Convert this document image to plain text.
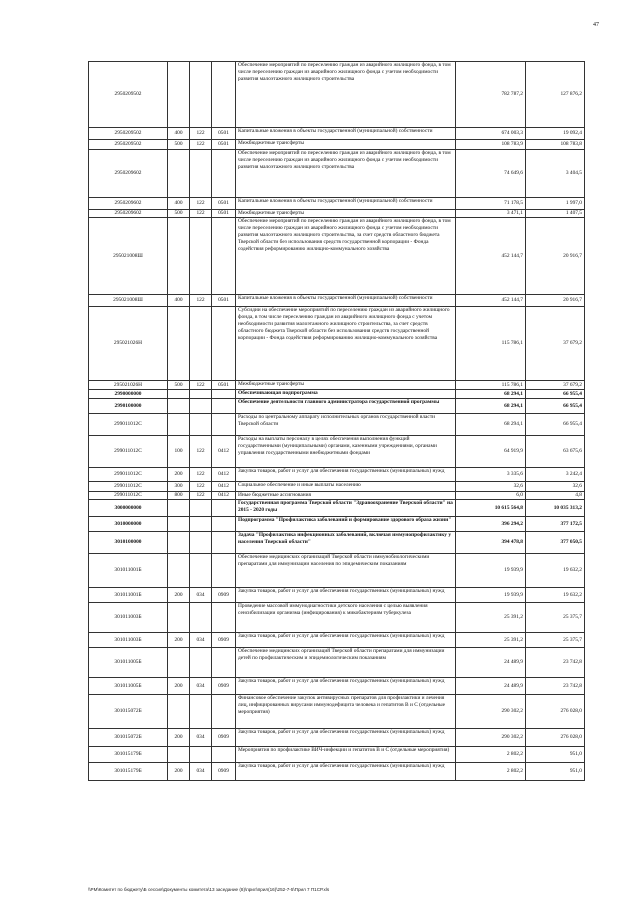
47
2950209502				Обеспечение мероприятий по переселению граждан из аварийного жилищного фонда, в том числе переселению граждан из аварийного жилищного фонда с учетом необходимости развития малоэтажного жилищного строительства	782 787,2	127 876,2
2950209502	400	122	0501	Капитальные вложения в объекты государственной (муниципальной) собственности	674 003,3	19 092,4
2950209502	500	122	0501	Межбюджетные трансферты	108 783,9	108 783,8
2950209602				Обеспечение мероприятий по переселению граждан из аварийного жилищного фонда, в том числе переселению граждан из аварийного жилищного фонда с учетом необходимости развития малоэтажного жилищного строительства	74 649,6	3 404,5
2950209602	400	122	0501	Капитальные вложения в объекты государственной (муниципальной) собственности	71 178,5	1 997,0
2950209602	500	122	0501	Межбюджетные трансферты	3 471,1	1 407,5
295021008Ш				Обеспечение мероприятий по переселению граждан из аварийного жилищного фонда, в том числе переселению граждан из аварийного жилищного фонда с учетом необходимости развития малоэтажного жилищного строительства, за счет средств областного бюджета Тверской области без использования средств государственной корпорации - Фонда содействия реформированию жилищно-коммунального хозяйства	452 144,7	20 916,7
295021008Ш	400	122	0501	Капитальные вложения в объекты государственной (муниципальной) собственности	452 144,7	20 916,7
295021026Н				Субсидии на обеспечение мероприятий по переселению граждан из аварийного жилищного фонда, в том числе переселению граждан из аварийного жилищного фонда с учетом необходимости развития малоэтажного жилищного строительства, за счет средств областного бюджета Тверской области без использования средств государственной корпорации - Фонда содействия реформированию жилищно-коммунального хозяйства	115 786,1	37 679,2
295021026Н	500	122	0501	Межбюджетные трансферты	115 786,1	37 679,2
2990000000				Обеспечивающая подпрограмма	68 294,1	66 955,4
2990100000				Обеспечение деятельности главного администратора государственной программы	68 294,1	66 955,4
299011012С				Расходы по центральному аппарату исполнительных органов государственной власти Тверской области	68 294,1	66 955,4
299011012С	100	122	0412	Расходы на выплаты персоналу в целях обеспечения выполнения функций государственными (муниципальными) органами, казенными учреждениями, органами управления государственными внебюджетными фондами	64 919,9	63 675,6
299011012С	200	122	0412	Закупка товаров, работ и услуг для обеспечения государственных (муниципальных) нужд	3 335,6	3 242,4
299011012С	300	122	0412	Социальное обеспечение и иные выплаты населению	32,6	32,6
299011012С	800	122	0412	Иные бюджетные ассигнования	6,0	4,8
3000000000				Государственная программа Тверской области "Здравоохранение Тверской области" на 2015 - 2020 годы	10 615 564,8	10 035 313,2
3010000000				Подпрограмма "Профилактика заболеваний и формирование здорового образа жизни"	396 294,2	377 172,5
3010100000				Задача "Профилактика инфекционных заболеваний, включая иммунопрофилактику у населения Тверской области"	394 478,8	377 050,5
301011001Б				Обеспечение медицинских организаций Тверской области иммунобиологическими препаратами для иммунизации населения по эпидемическим показаниям	19 939,9	19 632,2
301011001Б	200	034	0909	Закупка товаров, работ и услуг для обеспечения государственных (муниципальных) нужд	19 939,9	19 632,2
301011003Б				Проведение массовой иммунодиагностики детского населения с целью выявления сенсибилизации организма (инфицирования) к микобактериям туберкулеза	25 391,2	25 375,7
301011003Б	200	034	0909	Закупка товаров, работ и услуг для обеспечения государственных (муниципальных) нужд	25 391,2	25 375,7
301011005Б				Обеспечение медицинских организаций Тверской области препаратами для иммунизации детей по профилактическим и эпидемиологическим показаниям	24 489,9	23 742,8
301011005Б	200	034	0909	Закупка товаров, работ и услуг для обеспечения государственных (муниципальных) нужд	24 489,9	23 742,8
301015072Б				Финансовое обеспечение закупок антивирусных препаратов для профилактики и лечения лиц, инфицированных вирусами иммунодефицита человека и гепатитов В и С (отдельные мероприятия)	290 302,2	276 028,0
301015072Б	200	034	0909	Закупка товаров, работ и услуг для обеспечения государственных (муниципальных) нужд	290 302,2	276 028,0
301015179Б				Мероприятия по профилактике ВИЧ-инфекции и гепатитов В и С (отдельные мероприятия)	2 802,2	951,0
301015179Б	200	034	0909	Закупка товаров, работ и услуг для обеспечения государственных (муниципальных) нужд	2 802,2	951,0
\\PM\Комитет по бюджету\Б сессия\Документы комитета\13 заседание (8)\прил\прил(16)\252-7-5\Прил 7 П1СР.xls
